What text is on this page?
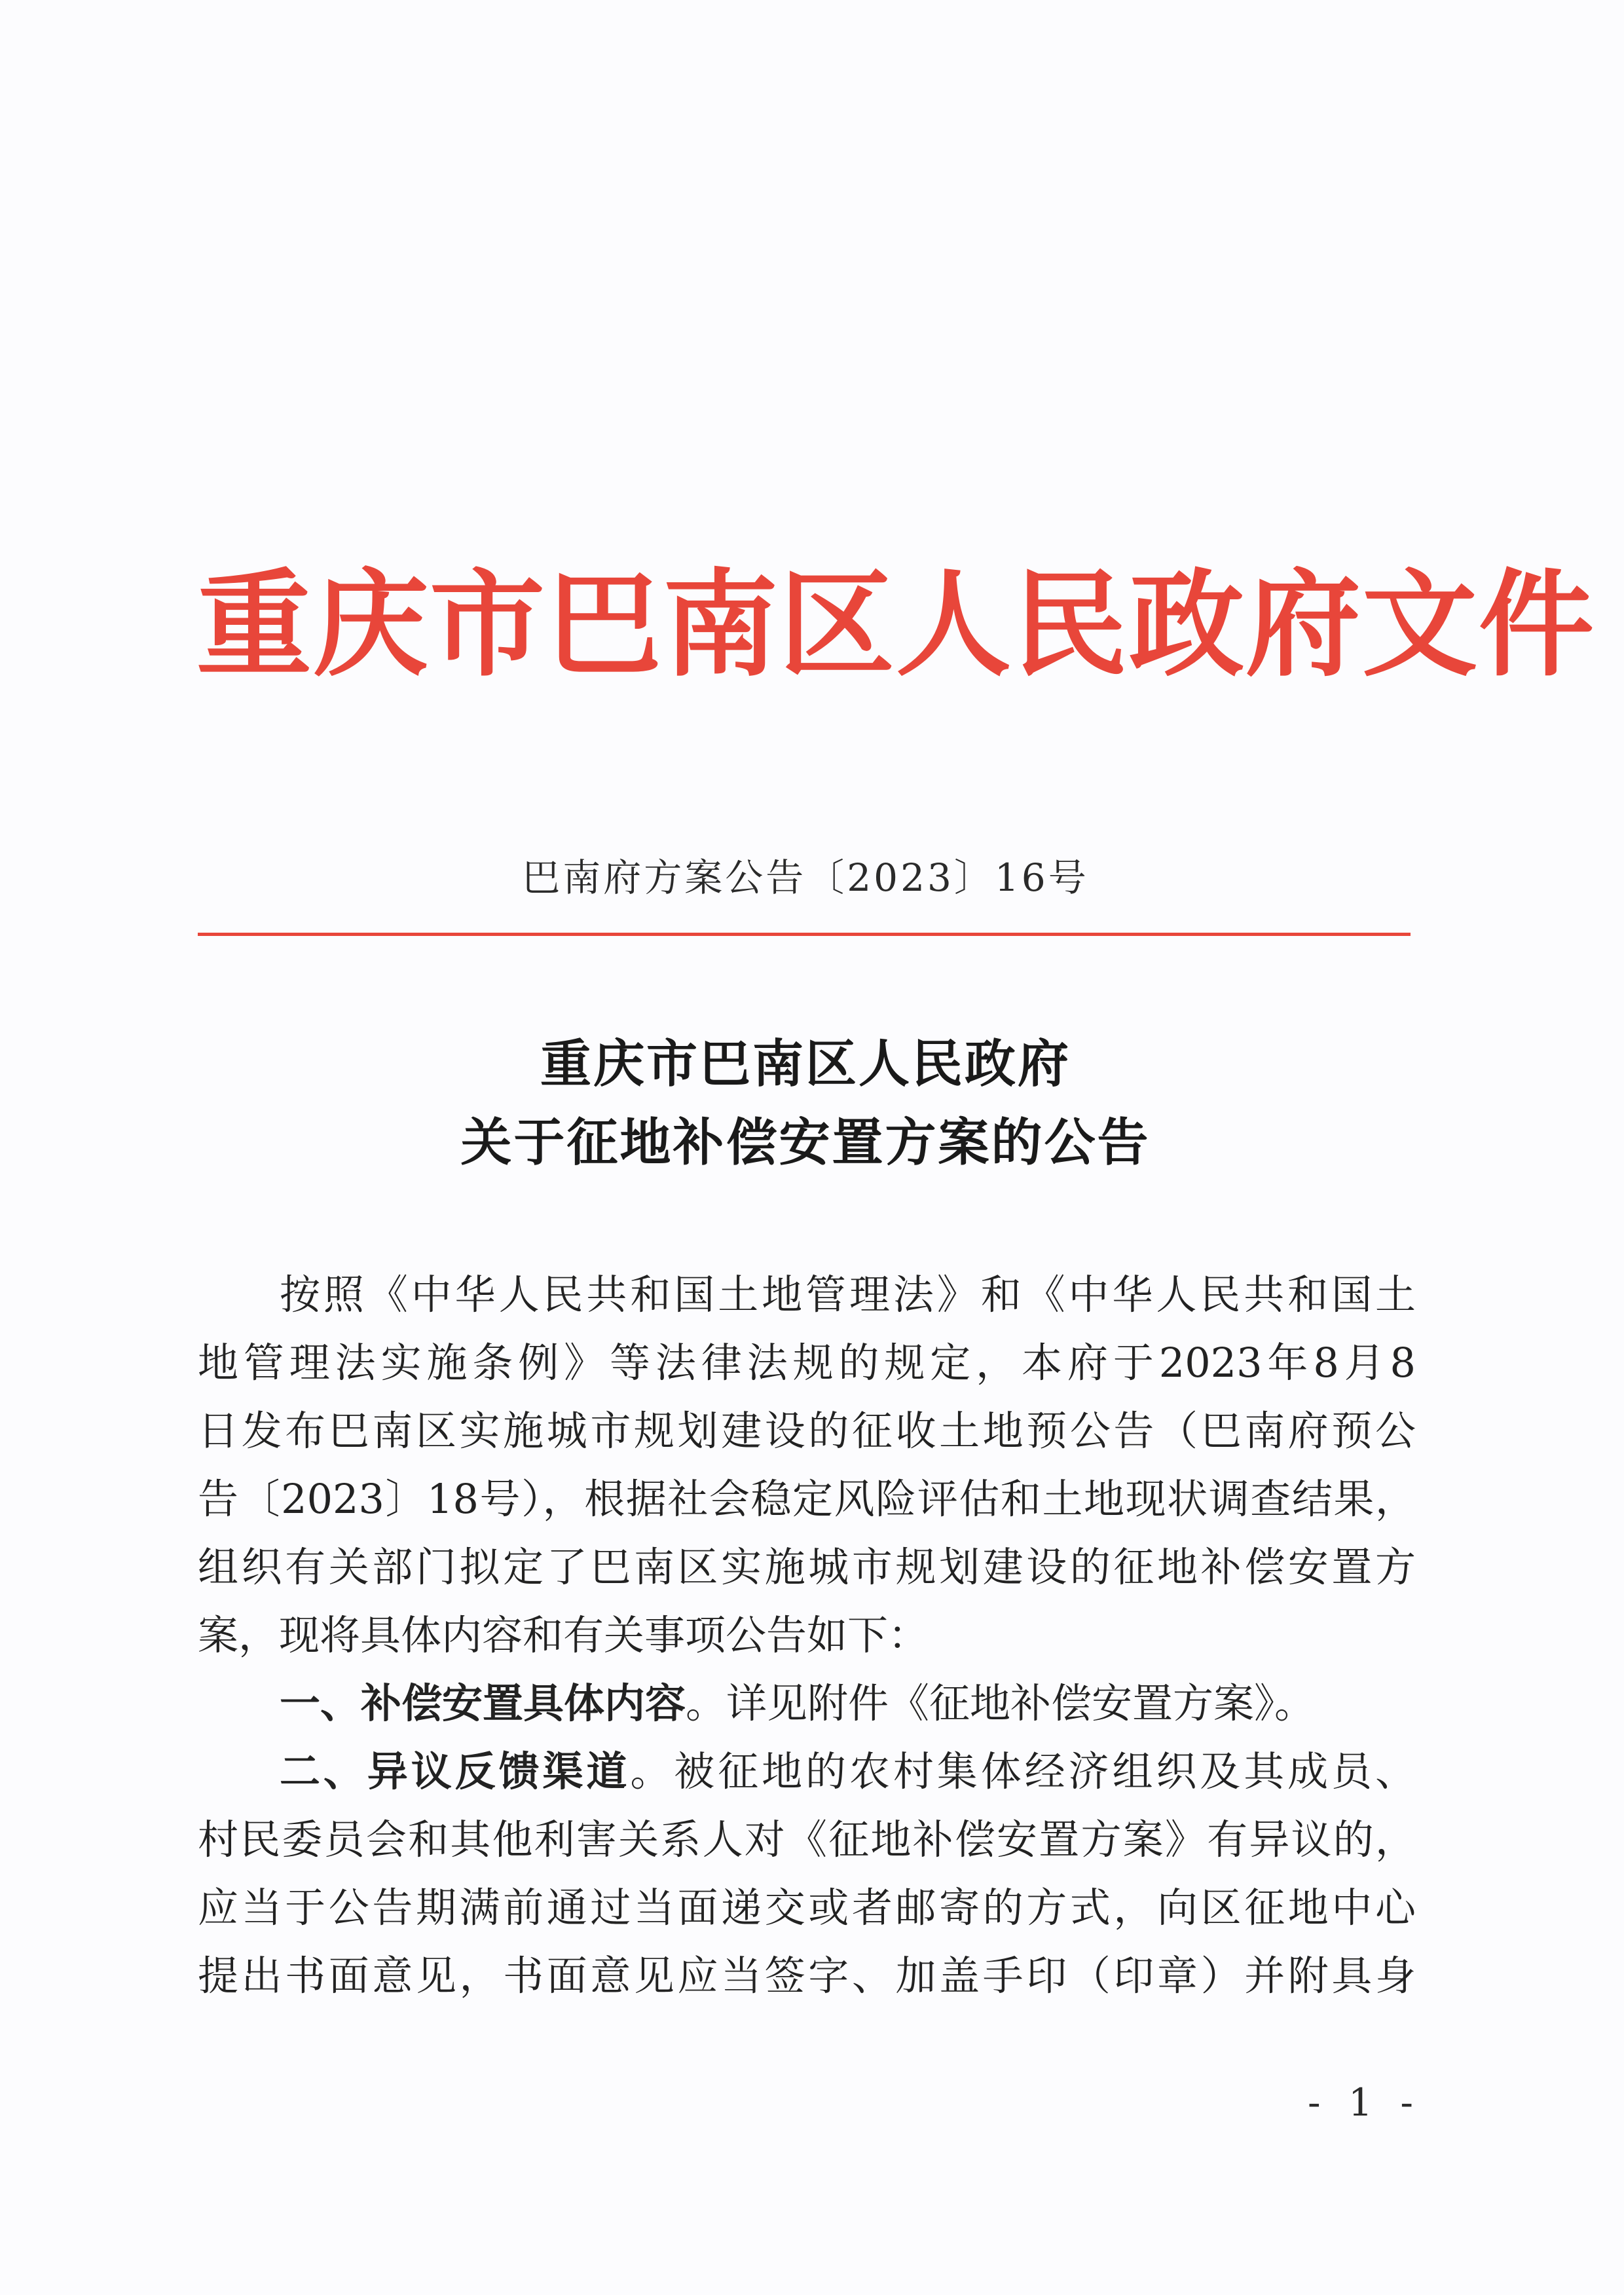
重庆市巴南区人民政府文件
巴南府方案公告〔2023〕16号
重庆市巴南区人民政府
关于征地补偿安置方案的公告
按照《中华人民共和国土地管理法》和《中华人民共和国土
地管理法实施条例》等法律法规的规定，本府于2023年8月8
日发布巴南区实施城市规划建设的征收土地预公告（巴南府预公
告〔2023〕18号），根据社会稳定风险评估和土地现状调查结果，
组织有关部门拟定了巴南区实施城市规划建设的征地补偿安置方
案，现将具体内容和有关事项公告如下：
一、补偿安置具体内容。详见附件《征地补偿安置方案》。
二、异议反馈渠道。被征地的农村集体经济组织及其成员、
村民委员会和其他利害关系人对《征地补偿安置方案》有异议的，
应当于公告期满前通过当面递交或者邮寄的方式，向区征地中心
提出书面意见，书面意见应当签字、加盖手印（印章）并附具身
- 1 -
